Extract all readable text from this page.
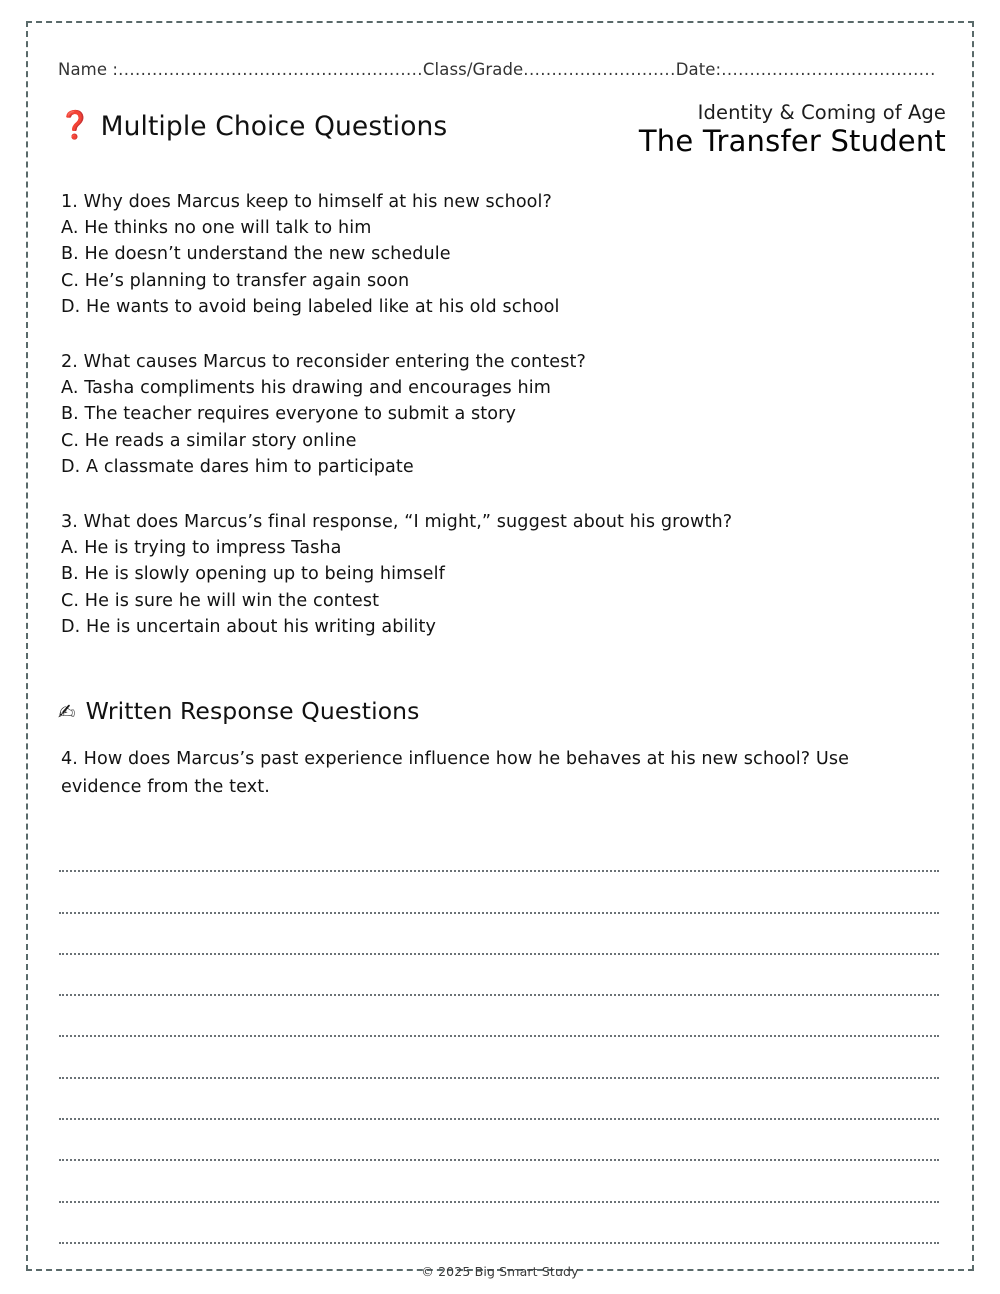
Name :......................................................Class/Grade...........................Date:......................................
❓ Multiple Choice Questions	Identity & Coming of Age
The Transfer Student
1. Why does Marcus keep to himself at his new school?
A. He thinks no one will talk to him
B. He doesn’t understand the new schedule
C. He’s planning to transfer again soon
D. He wants to avoid being labeled like at his old school
2. What causes Marcus to reconsider entering the contest?
A. Tasha compliments his drawing and encourages him
B. The teacher requires everyone to submit a story
C. He reads a similar story online
D. A classmate dares him to participate
3. What does Marcus’s final response, “I might,” suggest about his growth?
A. He is trying to impress Tasha
B. He is slowly opening up to being himself
C. He is sure he will win the contest
D. He is uncertain about his writing ability
✍ Written Response Questions
4. How does Marcus’s past experience influence how he behaves at his new school? Use evidence from the text.
© 2025 Big Smart Study
